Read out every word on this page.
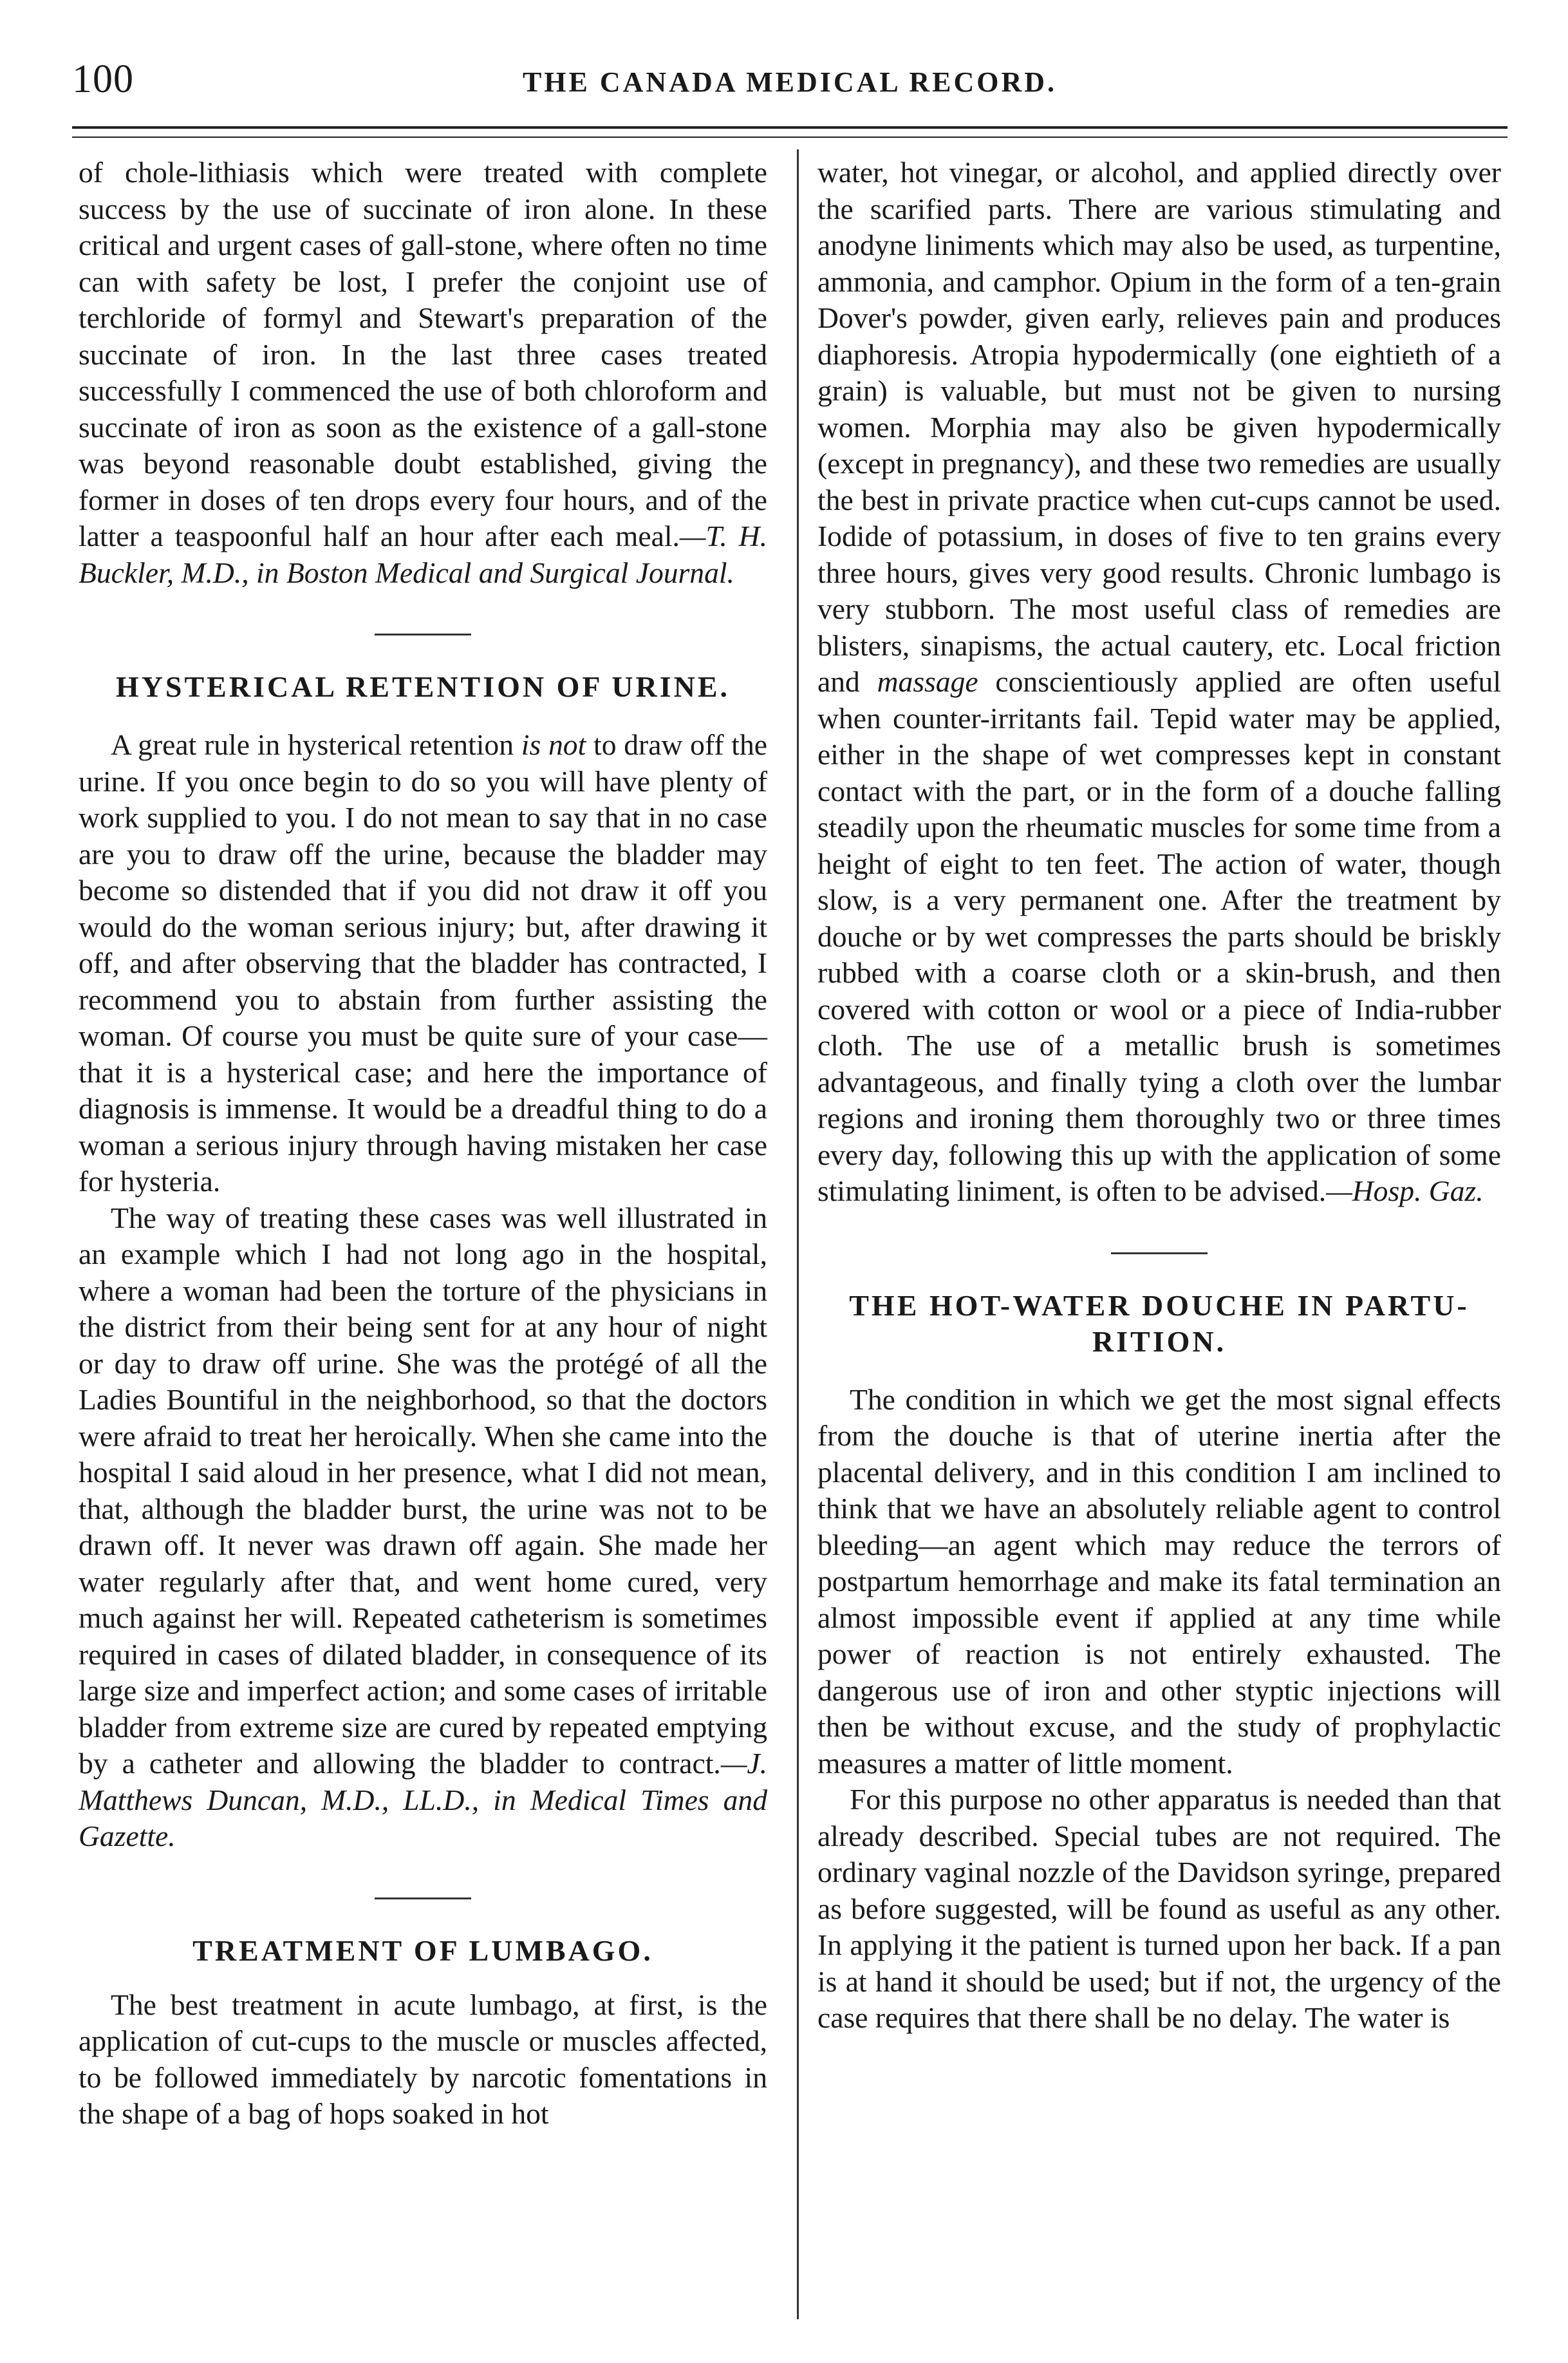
100	THE CANADA MEDICAL RECORD.

of chole-lithiasis which were treated with complete success by the use of succinate of iron alone. In these critical and urgent cases of gall-stone, where often no time can with safety be lost, I prefer the conjoint use of terchloride of formyl and Stewart's preparation of the succinate of iron. In the last three cases treated successfully I commenced the use of both chloroform and succinate of iron as soon as the existence of a gall-stone was beyond reasonable doubt established, giving the former in doses of ten drops every four hours, and of the latter a teaspoonful half an hour after each meal.—T. H. Buckler, M.D., in Boston Medical and Surgical Journal.

HYSTERICAL RETENTION OF URINE.

A great rule in hysterical retention is not to draw off the urine. If you once begin to do so you will have plenty of work supplied to you. I do not mean to say that in no case are you to draw off the urine, because the bladder may become so distended that if you did not draw it off you would do the woman serious injury; but, after drawing it off, and after observing that the bladder has contracted, I recommend you to abstain from further assisting the woman. Of course you must be quite sure of your case—that it is a hysterical case; and here the importance of diagnosis is immense. It would be a dreadful thing to do a woman a serious injury through having mistaken her case for hysteria.

The way of treating these cases was well illustrated in an example which I had not long ago in the hospital, where a woman had been the torture of the physicians in the district from their being sent for at any hour of night or day to draw off urine. She was the protégé of all the Ladies Bountiful in the neighborhood, so that the doctors were afraid to treat her heroically. When she came into the hospital I said aloud in her presence, what I did not mean, that, although the bladder burst, the urine was not to be drawn off. It never was drawn off again. She made her water regularly after that, and went home cured, very much against her will. Repeated catheterism is sometimes required in cases of dilated bladder, in consequence of its large size and imperfect action; and some cases of irritable bladder from extreme size are cured by repeated emptying by a catheter and allowing the bladder to contract.—J. Matthews Duncan, M.D., LL.D., in Medical Times and Gazette.

TREATMENT OF LUMBAGO.

The best treatment in acute lumbago, at first, is the application of cut-cups to the muscle or muscles affected, to be followed immediately by narcotic fomentations in the shape of a bag of hops soaked in hot

water, hot vinegar, or alcohol, and applied directly over the scarified parts. There are various stimulating and anodyne liniments which may also be used, as turpentine, ammonia, and camphor. Opium in the form of a ten-grain Dover's powder, given early, relieves pain and produces diaphoresis. Atropia hypodermically (one eightieth of a grain) is valuable, but must not be given to nursing women. Morphia may also be given hypodermically (except in pregnancy), and these two remedies are usually the best in private practice when cut-cups cannot be used. Iodide of potassium, in doses of five to ten grains every three hours, gives very good results. Chronic lumbago is very stubborn. The most useful class of remedies are blisters, sinapisms, the actual cautery, etc. Local friction and massage conscientiously applied are often useful when counter-irritants fail. Tepid water may be applied, either in the shape of wet compresses kept in constant contact with the part, or in the form of a douche falling steadily upon the rheumatic muscles for some time from a height of eight to ten feet. The action of water, though slow, is a very permanent one. After the treatment by douche or by wet compresses the parts should be briskly rubbed with a coarse cloth or a skin-brush, and then covered with cotton or wool or a piece of India-rubber cloth. The use of a metallic brush is sometimes advantageous, and finally tying a cloth over the lumbar regions and ironing them thoroughly two or three times every day, following this up with the application of some stimulating liniment, is often to be advised.—Hosp. Gaz.

THE HOT-WATER DOUCHE IN PARTU-
RITION.

The condition in which we get the most signal effects from the douche is that of uterine inertia after the placental delivery, and in this condition I am inclined to think that we have an absolutely reliable agent to control bleeding—an agent which may reduce the terrors of postpartum hemorrhage and make its fatal termination an almost impossible event if applied at any time while power of reaction is not entirely exhausted. The dangerous use of iron and other styptic injections will then be without excuse, and the study of prophylactic measures a matter of little moment.

For this purpose no other apparatus is needed than that already described. Special tubes are not required. The ordinary vaginal nozzle of the Davidson syringe, prepared as before suggested, will be found as useful as any other. In applying it the patient is turned upon her back. If a pan is at hand it should be used; but if not, the urgency of the case requires that there shall be no delay. The water is
